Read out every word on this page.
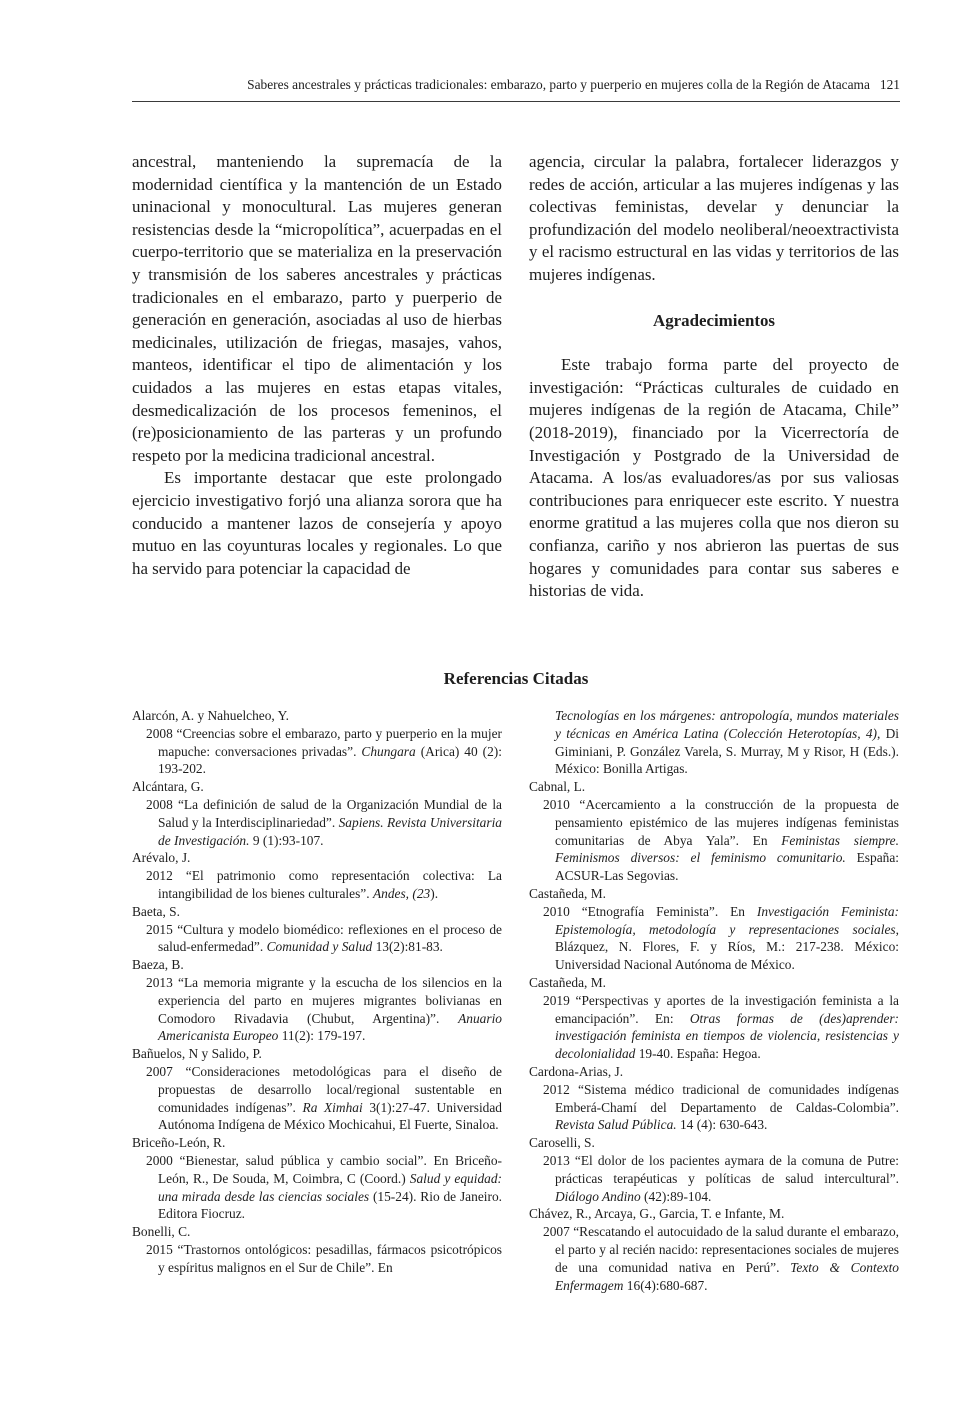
Saberes ancestrales y prácticas tradicionales: embarazo, parto y puerperio en mujeres colla de la Región de Atacama 121

ancestral, manteniendo la supremacía de la modernidad científica y la mantención de un Estado uninacional y monocultural. Las mujeres generan resistencias desde la “micropolítica”, acuerpadas en el cuerpo-territorio que se materializa en la preservación y transmisión de los saberes ancestrales y prácticas tradicionales en el embarazo, parto y puerperio de generación en generación, asociadas al uso de hierbas medicinales, utilización de friegas, masajes, vahos, manteos, identificar el tipo de alimentación y los cuidados a las mujeres en estas etapas vitales, desmedicalización de los procesos femeninos, el (re)posicionamiento de las parteras y un profundo respeto por la medicina tradicional ancestral.

Es importante destacar que este prolongado ejercicio investigativo forjó una alianza sorora que ha conducido a mantener lazos de consejería y apoyo mutuo en las coyunturas locales y regionales. Lo que ha servido para potenciar la capacidad de

agencia, circular la palabra, fortalecer liderazgos y redes de acción, articular a las mujeres indígenas y las colectivas feministas, develar y denunciar la profundización del modelo neoliberal/neoextractivista y el racismo estructural en las vidas y territorios de las mujeres indígenas.

Agradecimientos

Este trabajo forma parte del proyecto de investigación: “Prácticas culturales de cuidado en mujeres indígenas de la región de Atacama, Chile” (2018-2019), financiado por la Vicerrectoría de Investigación y Postgrado de la Universidad de Atacama. A los/as evaluadores/as por sus valiosas contribuciones para enriquecer este escrito. Y nuestra enorme gratitud a las mujeres colla que nos dieron su confianza, cariño y nos abrieron las puertas de sus hogares y comunidades para contar sus saberes e historias de vida.

Referencias Citadas

Alarcón, A. y Nahuelcheo, Y.

2008 “Creencias sobre el embarazo, parto y puerperio en la mujer mapuche: conversaciones privadas”. Chungara (Arica) 40 (2): 193-202.

Alcántara, G.

2008 “La definición de salud de la Organización Mundial de la Salud y la Interdisciplinariedad”. Sapiens. Revista Universitaria de Investigación. 9 (1):93-107.

Arévalo, J.

2012 “El patrimonio como representación colectiva: La intangibilidad de los bienes culturales”. Andes, (23).

Baeta, S.

2015 “Cultura y modelo biomédico: reflexiones en el proceso de salud-enfermedad”. Comunidad y Salud 13(2):81-83.

Baeza, B.

2013 “La memoria migrante y la escucha de los silencios en la experiencia del parto en mujeres migrantes bolivianas en Comodoro Rivadavia (Chubut, Argentina)”. Anuario Americanista Europeo 11(2): 179-197.

Bañuelos, N y Salido, P.

2007 “Consideraciones metodológicas para el diseño de propuestas de desarrollo local/regional sustentable en comunidades indígenas”. Ra Ximhai 3(1):27-47. Universidad Autónoma Indígena de México Mochicahui, El Fuerte, Sinaloa.

Briceño-León, R.

2000 “Bienestar, salud pública y cambio social”. En Briceño-León, R., De Souda, M, Coimbra, C (Coord.) Salud y equidad: una mirada desde las ciencias sociales (15-24). Rio de Janeiro. Editora Fiocruz.

Bonelli, C.

2015 “Trastornos ontológicos: pesadillas, fármacos psicotrópicos y espíritus malignos en el Sur de Chile”. En

Tecnologías en los márgenes: antropología, mundos materiales y técnicas en América Latina (Colección Heterotopías, 4), Di Giminiani, P. González Varela, S. Murray, M y Risor, H (Eds.). México: Bonilla Artigas.

Cabnal, L.

2010 “Acercamiento a la construcción de la propuesta de pensamiento epistémico de las mujeres indígenas feministas comunitarias de Abya Yala”. En Feministas siempre. Feminismos diversos: el feminismo comunitario. España: ACSUR-Las Segovias.

Castañeda, M.

2010 “Etnografía Feminista”. En Investigación Feminista: Epistemología, metodología y representaciones sociales, Blázquez, N. Flores, F. y Ríos, M.: 217-238. México: Universidad Nacional Autónoma de México.

Castañeda, M.

2019 “Perspectivas y aportes de la investigación feminista a la emancipación”. En: Otras formas de (des)aprender: investigación feminista en tiempos de violencia, resistencias y decolonialidad 19-40. España: Hegoa.

Cardona-Arias, J.

2012 “Sistema médico tradicional de comunidades indígenas Emberá-Chamí del Departamento de Caldas-Colombia”. Revista Salud Pública. 14 (4): 630-643.

Caroselli, S.

2013 “El dolor de los pacientes aymara de la comuna de Putre: prácticas terapéuticas y políticas de salud intercultural”. Diálogo Andino (42):89-104.

Chávez, R., Arcaya, G., Garcia, T. e Infante, M.

2007 “Rescatando el autocuidado de la salud durante el embarazo, el parto y al recién nacido: representaciones sociales de mujeres de una comunidad nativa en Perú”. Texto & Contexto Enfermagem 16(4):680-687.
